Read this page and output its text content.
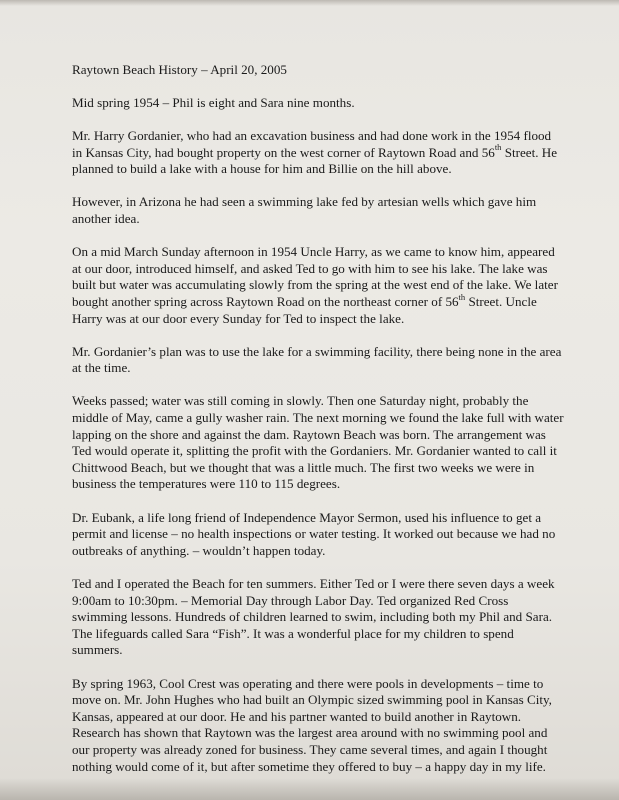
Raytown Beach History – April 20, 2005

Mid spring 1954 – Phil is eight and Sara nine months.

Mr. Harry Gordanier, who had an excavation business and had done work in the 1954 flood in Kansas City, had bought property on the west corner of Raytown Road and 56th Street. He planned to build a lake with a house for him and Billie on the hill above.

However, in Arizona he had seen a swimming lake fed by artesian wells which gave him another idea.

On a mid March Sunday afternoon in 1954 Uncle Harry, as we came to know him, appeared at our door, introduced himself, and asked Ted to go with him to see his lake. The lake was built but water was accumulating slowly from the spring at the west end of the lake. We later bought another spring across Raytown Road on the northeast corner of 56th Street. Uncle Harry was at our door every Sunday for Ted to inspect the lake.

Mr. Gordanier’s plan was to use the lake for a swimming facility, there being none in the area at the time.

Weeks passed; water was still coming in slowly. Then one Saturday night, probably the middle of May, came a gully washer rain. The next morning we found the lake full with water lapping on the shore and against the dam. Raytown Beach was born. The arrangement was Ted would operate it, splitting the profit with the Gordaniers. Mr. Gordanier wanted to call it Chittwood Beach, but we thought that was a little much. The first two weeks we were in business the temperatures were 110 to 115 degrees.

Dr. Eubank, a life long friend of Independence Mayor Sermon, used his influence to get a permit and license – no health inspections or water testing. It worked out because we had no outbreaks of anything. – wouldn’t happen today.

Ted and I operated the Beach for ten summers. Either Ted or I were there seven days a week 9:00am to 10:30pm. – Memorial Day through Labor Day. Ted organized Red Cross swimming lessons. Hundreds of children learned to swim, including both my Phil and Sara. The lifeguards called Sara “Fish”. It was a wonderful place for my children to spend summers.

By spring 1963, Cool Crest was operating and there were pools in developments – time to move on. Mr. John Hughes who had built an Olympic sized swimming pool in Kansas City, Kansas, appeared at our door. He and his partner wanted to build another in Raytown. Research has shown that Raytown was the largest area around with no swimming pool and our property was already zoned for business. They came several times, and again I thought nothing would come of it, but after sometime they offered to buy – a happy day in my life.
